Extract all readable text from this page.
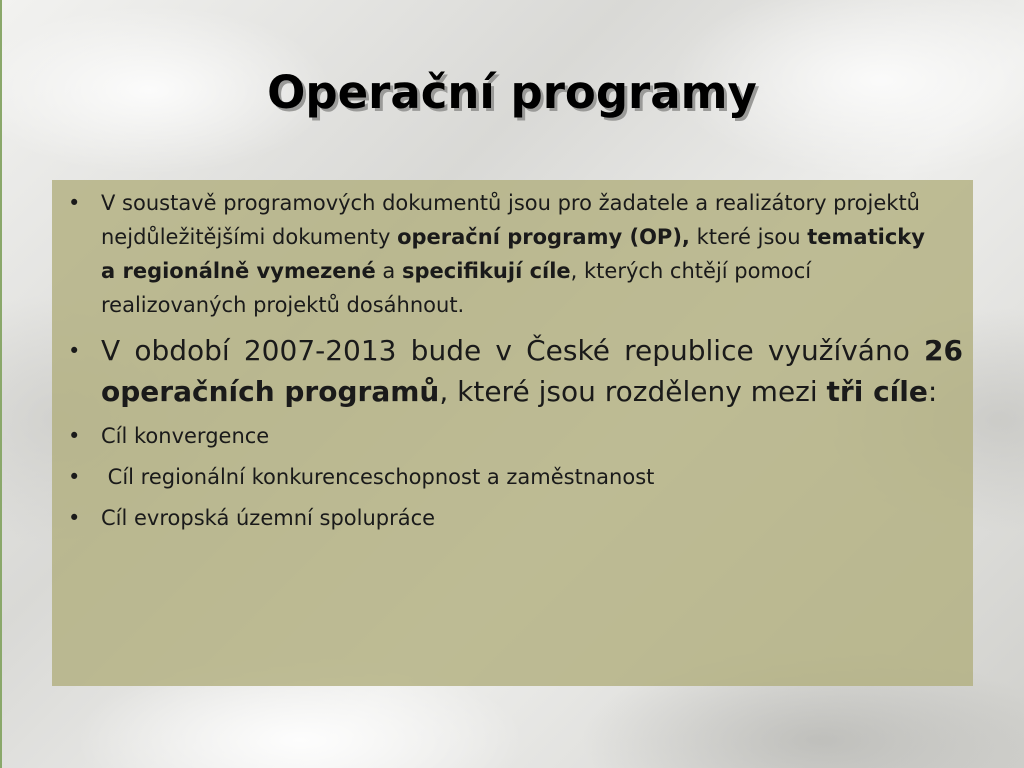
Operační programy
• V soustavě programových dokumentů jsou pro žadatele a realizátory projektů nejdůležitějšími dokumenty operační programy (OP), které jsou tematicky a regionálně vymezené a specifikují cíle, kterých chtějí pomocí realizovaných projektů dosáhnout.
• V období 2007-2013 bude v České republice využíváno 26 operačních programů, které jsou rozděleny mezi tři cíle:
• Cíl konvergence
• Cíl regionální konkurenceschopnost a zaměstnanost
• Cíl evropská územní spolupráce
